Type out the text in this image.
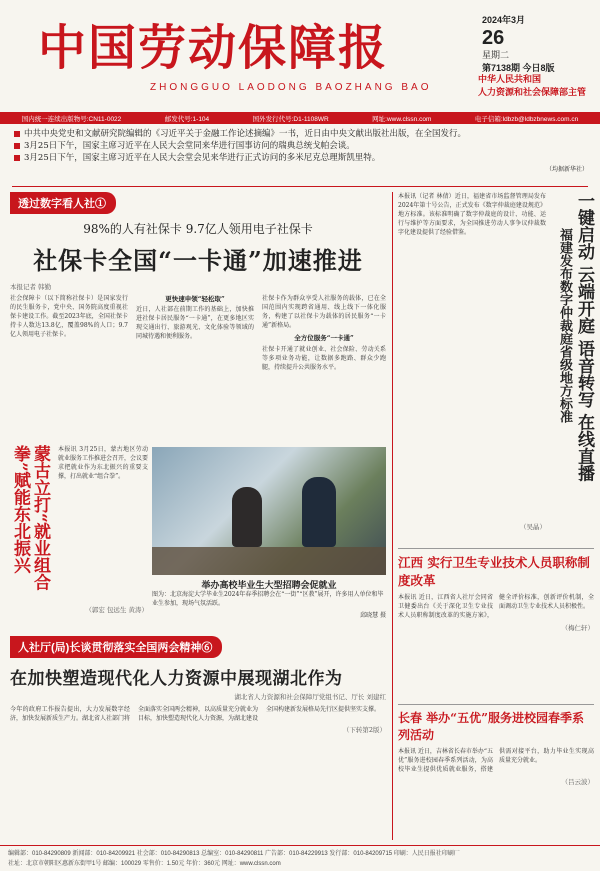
中国劳动保障报
ZHONGGUO LAODONG BAOZHANG BAO
2024年3月
26
星期二
第7138期 今日8版
中华人民共和国
人力资源和社会保障部主管
国内统一连续出版物号:CN11-0022	邮发代号:1-104	国外发行代号:D1-1108WR	网址:www.clssn.com	电子信箱:ldbzb@ldbzbnews.com.cn
中共中央党史和文献研究院编辑的《习近平关于金融工作论述摘编》一书，近日由中央文献出版社出版，在全国发行。
3月25日下午，国家主席习近平在人民大会堂同来华进行国事访问的瑞典总统戈帕会谈。
3月25日下午，国家主席习近平在人民大会堂会见来华进行正式访问的多米尼克总理斯凯里特。
（均据新华社）
透过数字看人社①
98%的人有社保卡 9.7亿人领用电子社保卡
社保卡全国“一卡通”加速推进
本报记者 韩勤
社会保障卡（以下简称社保卡）是国家发行的民生服务卡，党中央、国务院高度重视社保卡建设工作。截至2023年底，全国社保卡持卡人数达13.8亿，覆盖98%的人口；9.7亿人领用电子社保卡。
更快速申领“轻松取”
近日，人社部在前期工作的基础上，加快推进社保卡居民服务“一卡通”，在更多地区实现交通出行、旅游观光、文化体验等领域的同城待遇和便利服务。
社保卡作为群众享受人社服务的载体，已在全国范围内实现跨省通用、线上线下一体化服务，构建了以社保卡为载体的居民服务“一卡通”新格局。
全方位服务“一卡通”
社保卡开通了就业创业、社会保险、劳动关系等多项业务功能，让数据多跑路、群众少跑腿，持续提升公共服务水平。
蒙古立打“就业组合拳”赋能东北振兴	本报讯 3月25日，蒙古地区劳动就业服务工作推进会召开，会议要求把就业作为东北振兴的重要支撑，打出就业“组合拳”。
（郭宏 包远生 黄涛）
举办高校毕业生大型招聘会促就业
图为：北京海淀大学毕业生2024年春季招聘会在“一街”“区教”展开，许多用人单位和毕业生参加，现场气氛活跃。
邱晓慧 摄
人社厅(局)长谈贯彻落实全国两会精神⑥
在加快塑造现代化人力资源中展现湖北作为
湖北省人力资源和社会保障厅党组书记、厅长 刘建红
今年的政府工作报告提出，大力发展数字经济，加快发展新质生产力。湖北省人社部门将全面落实全国两会精神，以高质量充分就业为目标，加快塑造现代化人力资源，为湖北建设全国构建新发展格局先行区提供坚实支撑。
（下转第2版）
本报讯（记者 林倩）近日，福建省市场监督管理局发布2024年第十号公告，正式发布《数字仲裁庭建设规范》地方标准。该标准明确了数字仲裁庭的设计、功能、运行与维护等方面要求，为全国推进劳动人事争议仲裁数字化建设提供了经验借鉴。
（吴晶）
一键启动 云端开庭 语音转写 在线直播
福建发布数字仲裁庭省级地方标准
江西 实行卫生专业技术人员职称制度改革
本报讯 近日，江西省人社厅会同省卫健委出台《关于深化卫生专业技术人员职称制度改革的实施方案》，健全评价标准，创新评价机制，全面调动卫生专业技术人员积极性。
（梅仁轩）
长春 举办“五优”服务进校园春季系列活动
本报讯 近日，吉林省长春市举办“五优”服务进校园春季系列活动，为高校毕业生提供优质就业服务，搭建供需对接平台，助力毕业生实现高质量充分就业。
（吕云波）
编辑部：010-84290809 新闻部：010-84209921 社会部：010-84290813 总编室：010-84290811 广告部：010-84229913 发行部：010-84209715 印刷：人民日报社印刷厂
社址：北京市朝阳区惠新东街甲1号 邮编：100029 零售价：1.50元 年价：360元 网址：www.clssn.com
